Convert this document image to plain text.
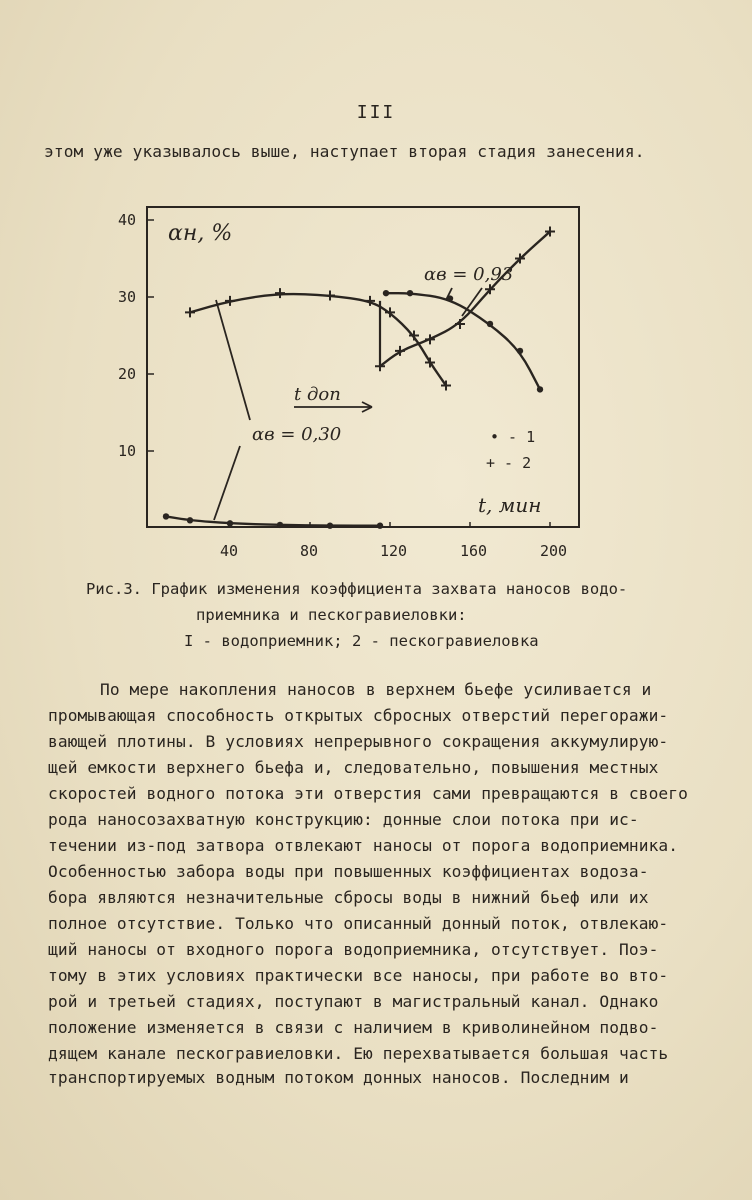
III
этом уже указывалось выше, наступает вторая стадия занесения.
40	80	120	160	200
10
20
30
40
αн, %
t, мин
αв = 0,93
αв = 0,30
t доп
• - 1
+ - 2
Рис.3. График изменения коэффициента захвата наносов водо-
приемника и пескогравиеловки:
I - водоприемник; 2 - пескогравиеловка
По мере накопления наносов в верхнем бьефе усиливается и
промывающая способность открытых сбросных отверстий перегоражи-
вающей плотины. В условиях непрерывного сокращения аккумулирую-
щей емкости верхнего бьефа и, следовательно, повышения местных
скоростей водного потока эти отверстия сами превращаются в своего
рода наносозахватную конструкцию: донные слои потока при ис-
течении из-под затвора отвлекают наносы от порога водоприемника.
Особенностью забора воды при повышенных коэффициентах водоза-
бора являются незначительные сбросы воды в нижний бьеф или их
полное отсутствие. Только что описанный донный поток, отвлекаю-
щий наносы от входного порога водоприемника, отсутствует. Поэ-
тому в этих условиях практически все наносы, при работе во вто-
рой и третьей стадиях, поступают в магистральный канал. Однако
положение изменяется в связи с наличием в криволинейном подво-
дящем канале пескогравиеловки. Ею перехватывается большая часть
транспортируемых водным потоком донных наносов. Последним и
